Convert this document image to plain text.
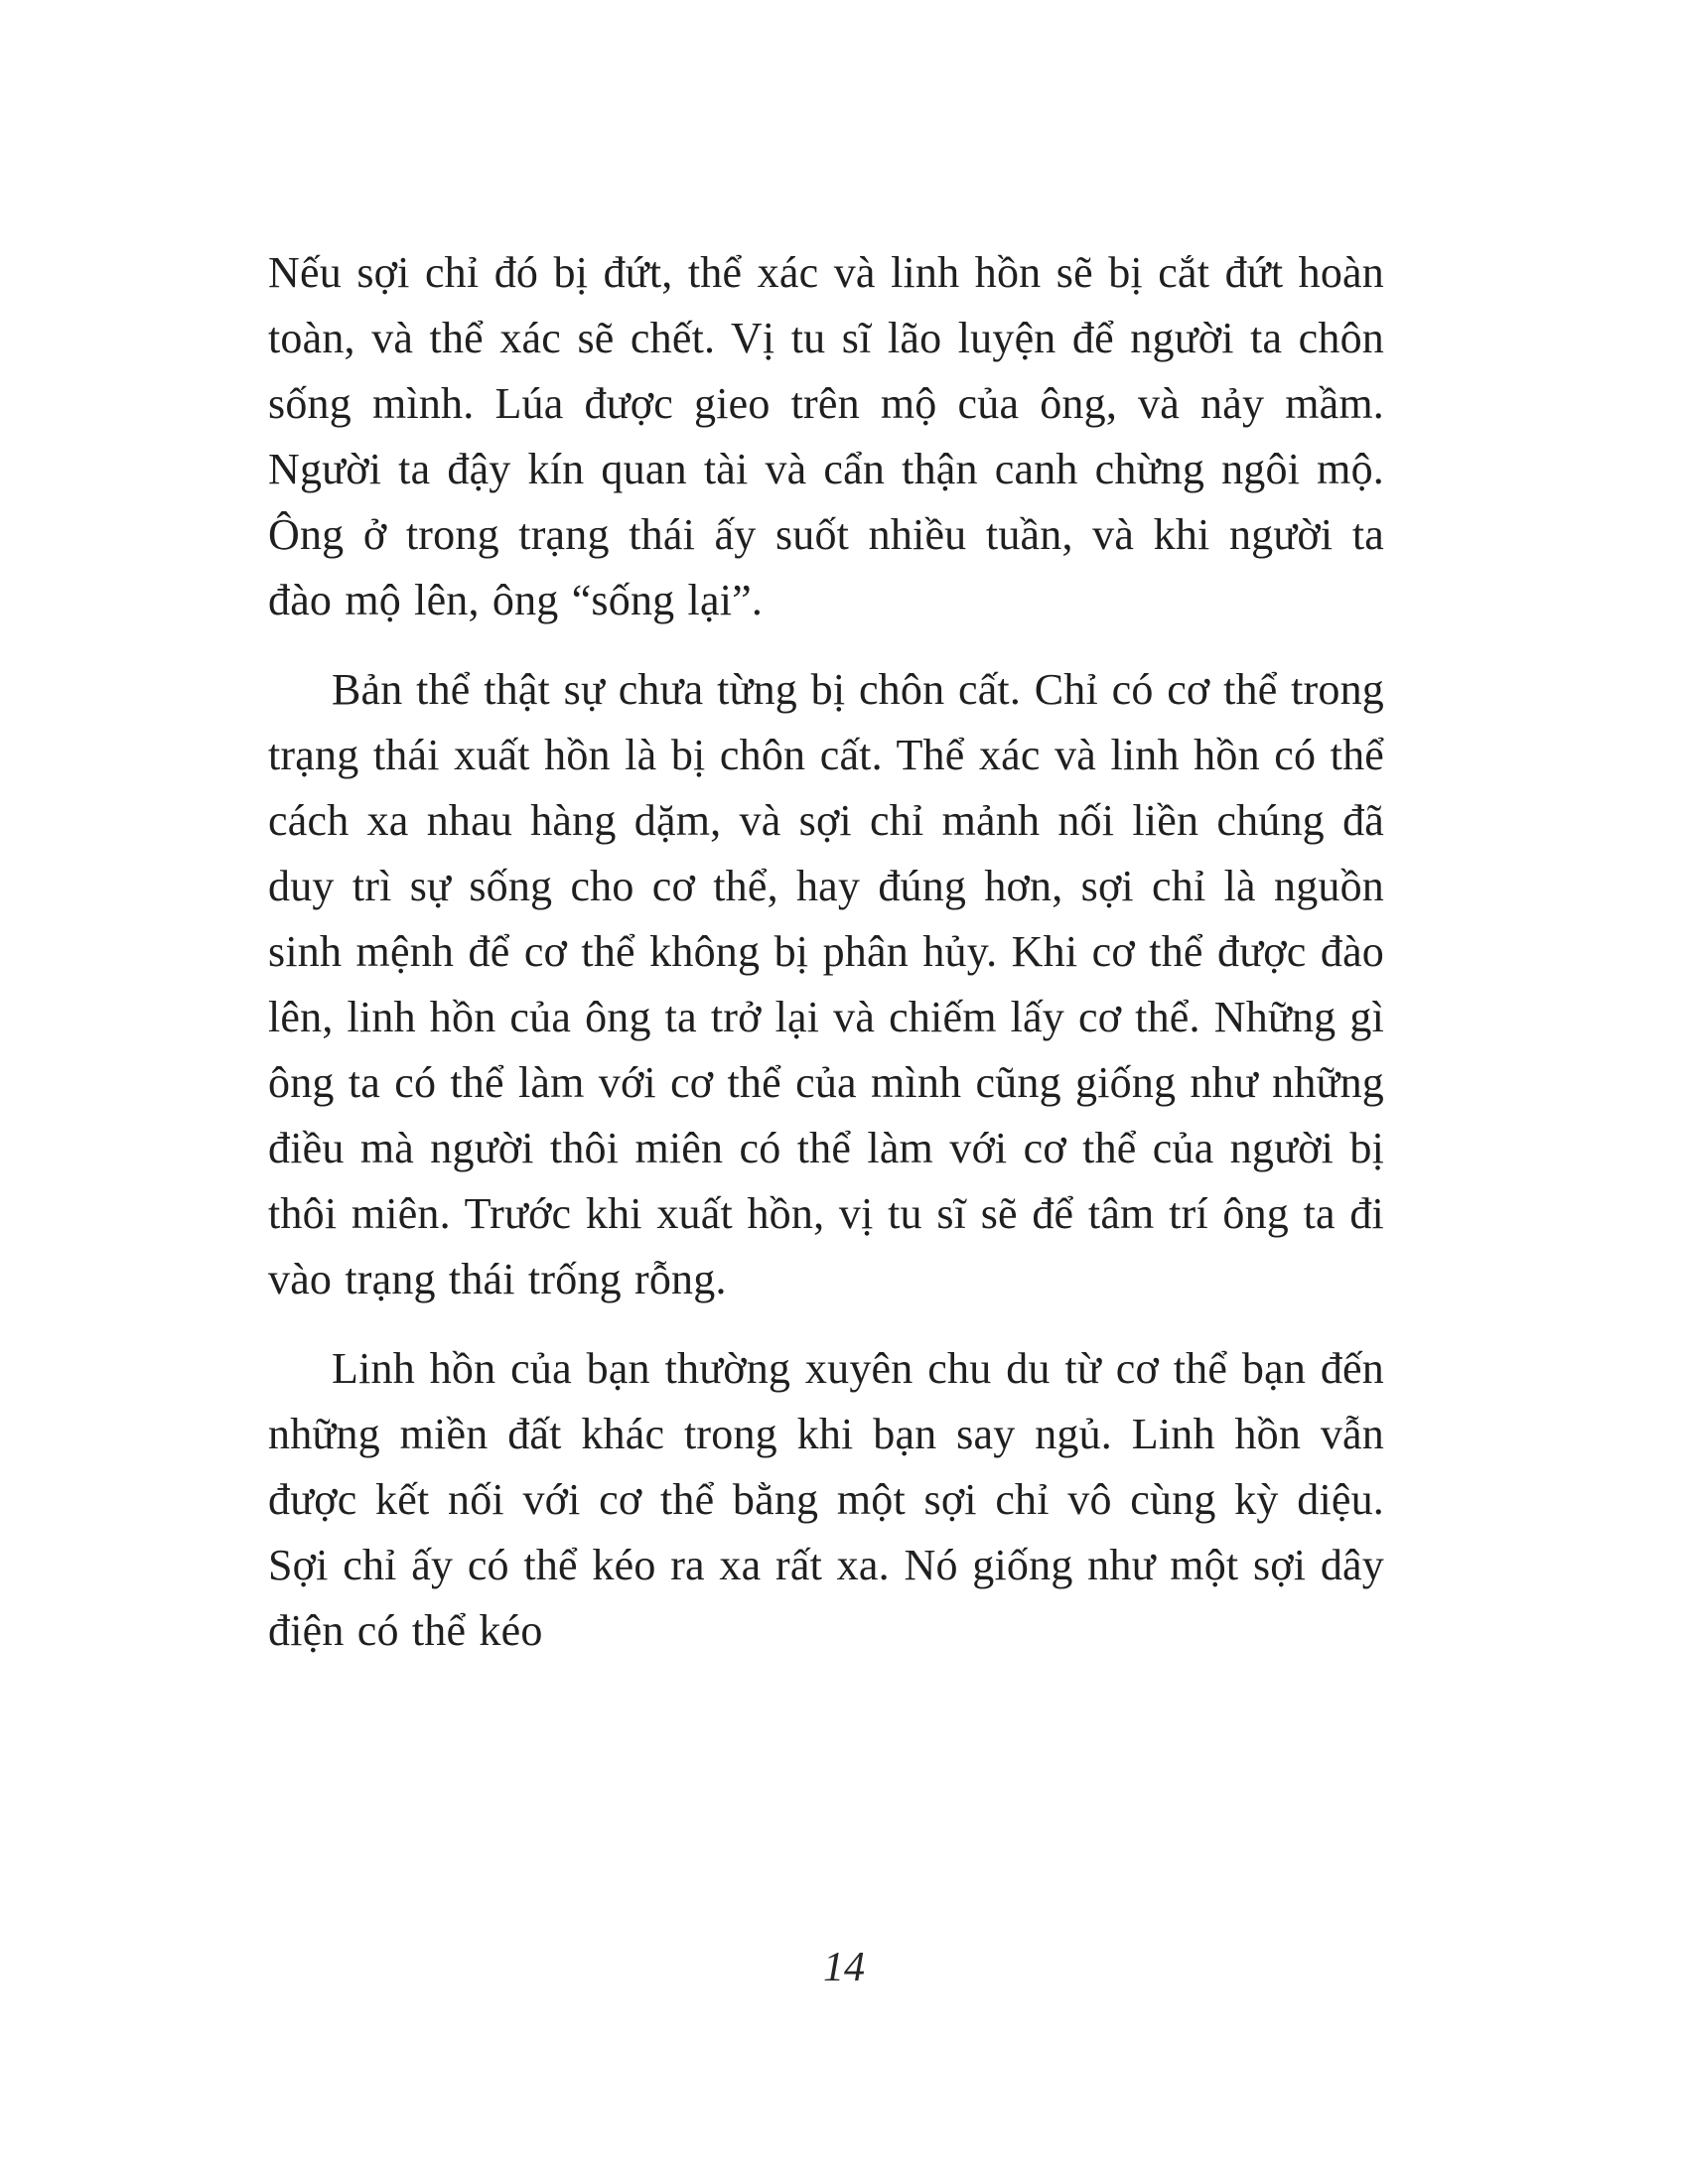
Nếu sợi chỉ đó bị đứt, thể xác và linh hồn sẽ bị cắt đứt hoàn toàn, và thể xác sẽ chết. Vị tu sĩ lão luyện để người ta chôn sống mình. Lúa được gieo trên mộ của ông, và nảy mầm. Người ta đậy kín quan tài và cẩn thận canh chừng ngôi mộ. Ông ở trong trạng thái ấy suốt nhiều tuần, và khi người ta đào mộ lên, ông “sống lại”.

Bản thể thật sự chưa từng bị chôn cất. Chỉ có cơ thể trong trạng thái xuất hồn là bị chôn cất. Thể xác và linh hồn có thể cách xa nhau hàng dặm, và sợi chỉ mảnh nối liền chúng đã duy trì sự sống cho cơ thể, hay đúng hơn, sợi chỉ là nguồn sinh mệnh để cơ thể không bị phân hủy. Khi cơ thể được đào lên, linh hồn của ông ta trở lại và chiếm lấy cơ thể. Những gì ông ta có thể làm với cơ thể của mình cũng giống như những điều mà người thôi miên có thể làm với cơ thể của người bị thôi miên. Trước khi xuất hồn, vị tu sĩ sẽ để tâm trí ông ta đi vào trạng thái trống rỗng.

Linh hồn của bạn thường xuyên chu du từ cơ thể bạn đến những miền đất khác trong khi bạn say ngủ. Linh hồn vẫn được kết nối với cơ thể bằng một sợi chỉ vô cùng kỳ diệu. Sợi chỉ ấy có thể kéo ra xa rất xa. Nó giống như một sợi dây điện có thể kéo

14
